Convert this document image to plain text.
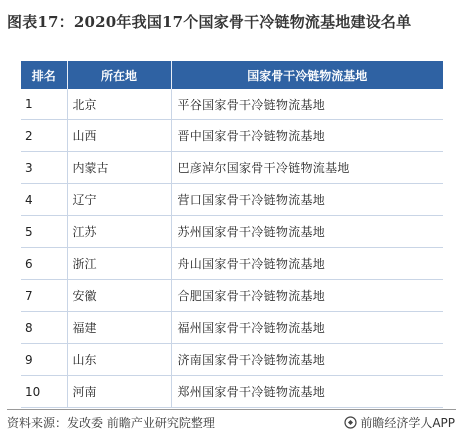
图表17：2020年我国17个国家骨干冷链物流基地建设名单
排名	所在地	国家骨干冷链物流基地
1	北京	平谷国家骨干冷链物流基地
2	山西	晋中国家骨干冷链物流基地
3	内蒙古	巴彦淖尔国家骨干冷链物流基地
4	辽宁	营口国家骨干冷链物流基地
5	江苏	苏州国家骨干冷链物流基地
6	浙江	舟山国家骨干冷链物流基地
7	安徽	合肥国家骨干冷链物流基地
8	福建	福州国家骨干冷链物流基地
9	山东	济南国家骨干冷链物流基地
10	河南	郑州国家骨干冷链物流基地
资料来源：发改委 前瞻产业研究院整理	前瞻经济学人APP
